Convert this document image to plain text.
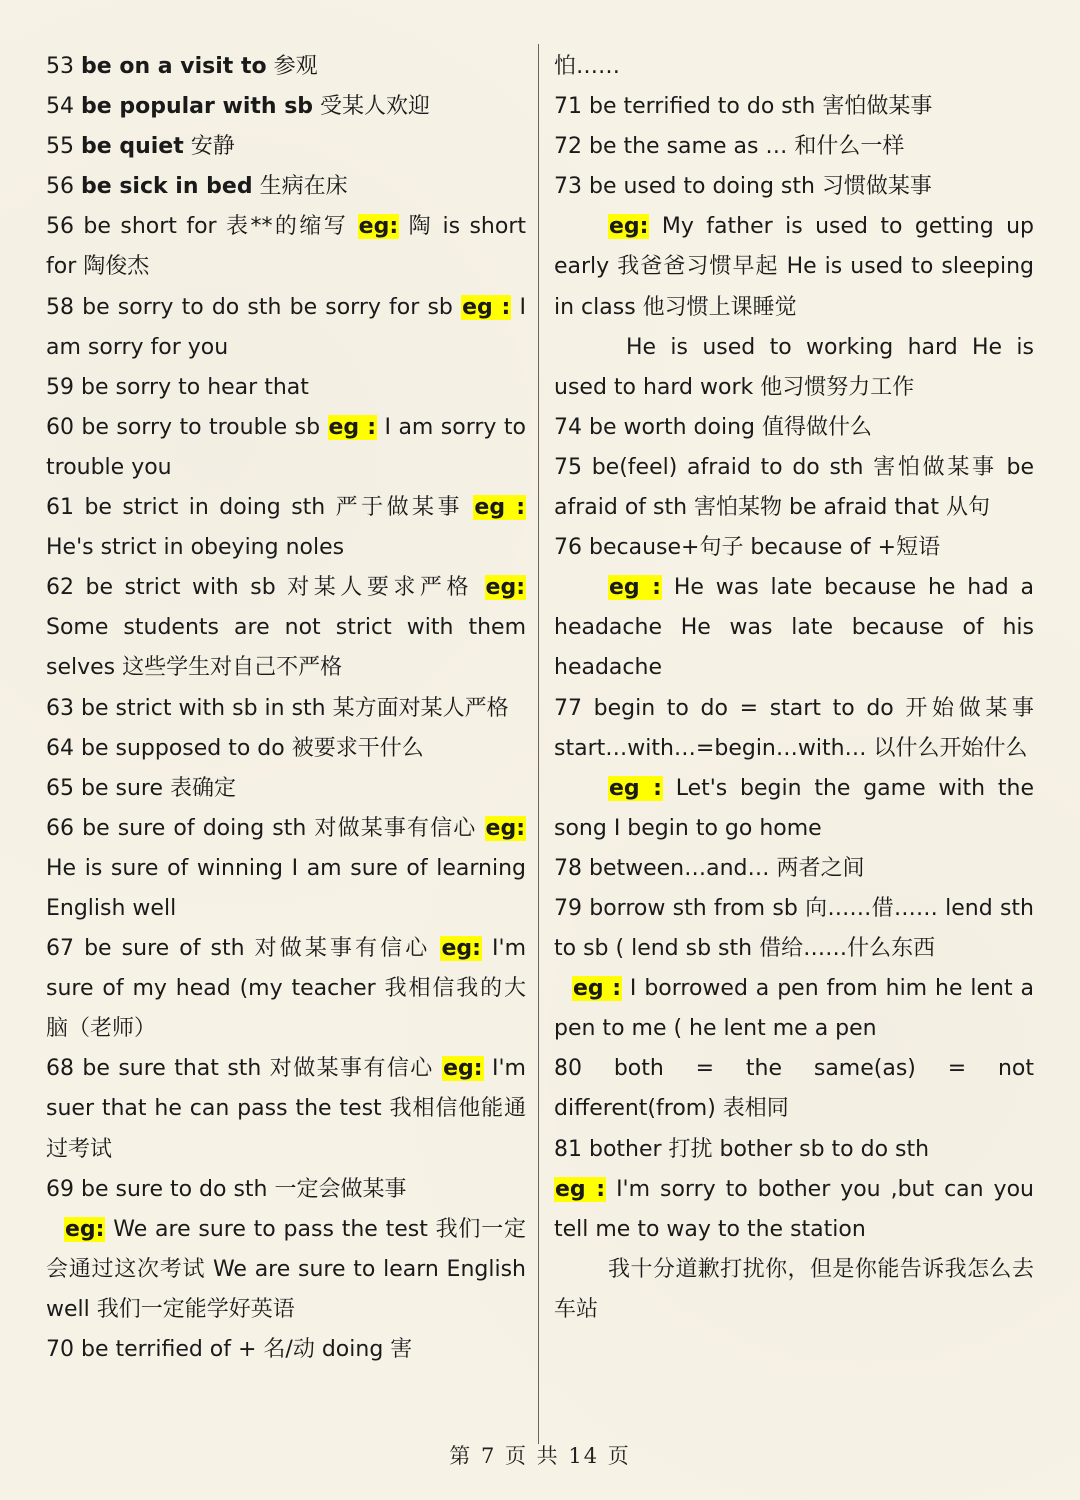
53 be on a visit to 参观

54 be popular with sb 受某人欢迎

55 be quiet 安静

56 be sick in bed 生病在床

56 be short for 表**的缩写 eg: 陶 is short for 陶俊杰

58 be sorry to do sth be sorry for sb eg : I am sorry for you

59 be sorry to hear that

60 be sorry to trouble sb eg : I am sorry to trouble you

61 be strict in doing sth 严于做某事 eg : He's strict in obeying noles

62 be strict with sb 对某人要求严格 eg: Some students are not strict with them selves 这些学生对自己不严格

63 be strict with sb in sth 某方面对某人严格

64 be supposed to do 被要求干什么

65 be sure 表确定

66 be sure of doing sth 对做某事有信心 eg: He is sure of winning I am sure of learning English well

67 be sure of sth 对做某事有信心 eg: I'm sure of my head (my teacher 我相信我的大脑（老师）

68 be sure that sth 对做某事有信心 eg: I'm suer that he can pass the test 我相信他能通过考试

69 be sure to do sth 一定会做某事

eg: We are sure to pass the test 我们一定会通过这次考试 We are sure to learn English well 我们一定能学好英语

70 be terrified of + 名/动 doing 害

怕……

71 be terrified to do sth 害怕做某事

72 be the same as … 和什么一样

73 be used to doing sth 习惯做某事

eg: My father is used to getting up early 我爸爸习惯早起 He is used to sleeping in class 他习惯上课睡觉

He is used to working hard He is used to hard work 他习惯努力工作

74 be worth doing 值得做什么

75 be(feel) afraid to do sth 害怕做某事 be afraid of sth 害怕某物 be afraid that 从句

76 because+句子 because of +短语

eg : He was late because he had a headache He was late because of his headache

77 begin to do = start to do 开始做某事 start…with…=begin…with… 以什么开始什么

eg : Let's begin the game with the song I begin to go home

78 between…and… 两者之间

79 borrow sth from sb 向……借…… lend sth to sb ( lend sb sth 借给……什么东西

eg : I borrowed a pen from him he lent a pen to me ( he lent me a pen

80 both = the same(as) = not different(from) 表相同

81 bother 打扰 bother sb to do sth

eg : I'm sorry to bother you ,but can you tell me to way to the station

我十分道歉打扰你，但是你能告诉我怎么去车站

第 7 页 共 14 页
